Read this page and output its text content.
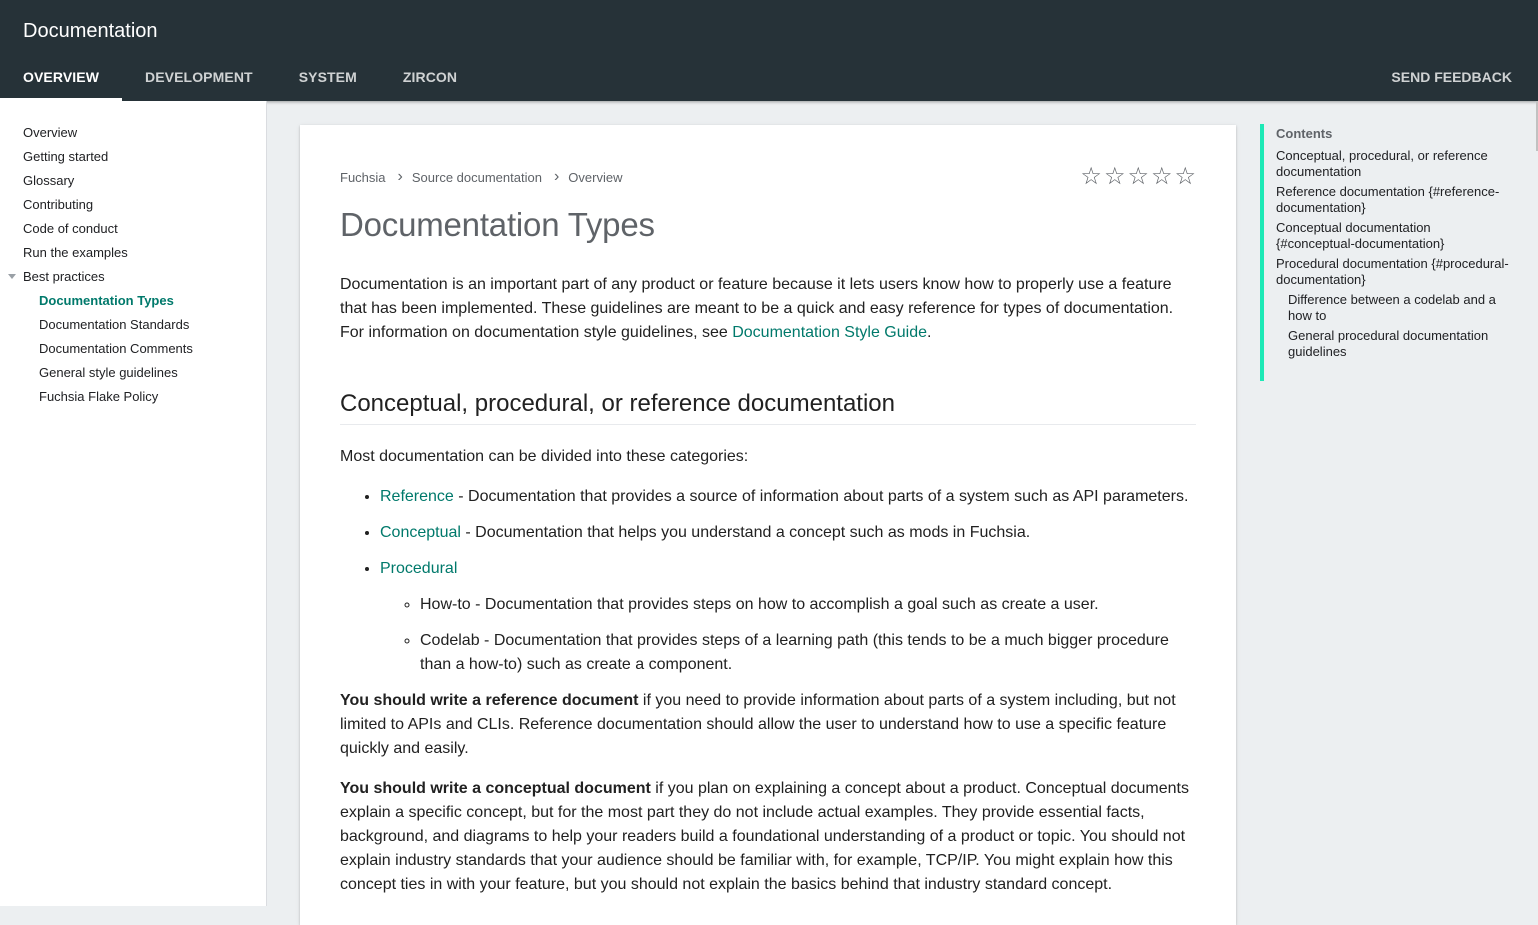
Documentation
OVERVIEW	DEVELOPMENT	SYSTEM	ZIRCON	SEND FEEDBACK
Overview
Getting started
Glossary
Contributing
Code of conduct
Run the examples
Best practices
Documentation Types
Documentation Standards
Documentation Comments
General style guidelines
Fuchsia Flake Policy
Fuchsia › Source documentation › Overview	☆ ☆ ☆ ☆ ☆
Documentation Types

Documentation is an important part of any product or feature because it lets users know how to properly use a feature that has been implemented. These guidelines are meant to be a quick and easy reference for types of documentation. For information on documentation style guidelines, see Documentation Style Guide.

Conceptual, procedural, or reference documentation

Most documentation can be divided into these categories:

• Reference - Documentation that provides a source of information about parts of a system such as API parameters.
• Conceptual - Documentation that helps you understand a concept such as mods in Fuchsia.
• Procedural
◦ How-to - Documentation that provides steps on how to accomplish a goal such as create a user.
◦ Codelab - Documentation that provides steps of a learning path (this tends to be a much bigger procedure than a how-to) such as create a component.

You should write a reference document if you need to provide information about parts of a system including, but not limited to APIs and CLIs. Reference documentation should allow the user to understand how to use a specific feature quickly and easily.

You should write a conceptual document if you plan on explaining a concept about a product. Conceptual documents explain a specific concept, but for the most part they do not include actual examples. They provide essential facts, background, and diagrams to help your readers build a foundational understanding of a product or topic. You should not explain industry standards that your audience should be familiar with, for example, TCP/IP. You might explain how this concept ties in with your feature, but you should not explain the basics behind that industry standard concept.

Contents
Conceptual, procedural, or reference documentation
Reference documentation {#reference-documentation}
Conceptual documentation {#conceptual-documentation}
Procedural documentation {#procedural-documentation}
Difference between a codelab and a how to
General procedural documentation guidelines
